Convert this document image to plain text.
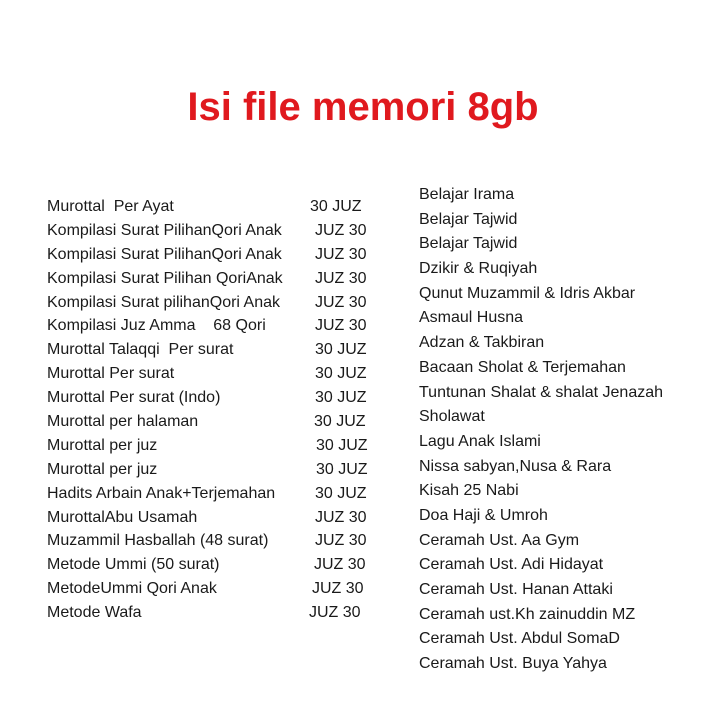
Isi file memori 8gb
Murottal  Per Ayat	30 JUZ
Kompilasi Surat PilihanQori Anak JUZ 30
Kompilasi Surat PilihanQori Anak JUZ 30
Kompilasi Surat Pilihan QoriAnak JUZ 30
Kompilasi Surat pilihanQori Anak JUZ 30
Kompilasi Juz Amma    68 Qori	JUZ 30
Murottal Talaqqi  Per surat	30 JUZ
Murottal Per surat	30 JUZ
Murottal Per surat (Indo)	30 JUZ
Murottal per halaman	30 JUZ
Murottal per juz	30 JUZ
Murottal per juz	30 JUZ
Hadits Arbain Anak+Terjemahan 30 JUZ
MurottalAbu Usamah	JUZ 30
Muzammil Hasballah (48 surat)	JUZ 30
Metode Ummi (50 surat)	JUZ 30
MetodeUmmi Qori Anak	JUZ 30
Metode Wafa	JUZ 30
Belajar Irama
Belajar Tajwid
Belajar Tajwid
Dzikir & Ruqiyah
Qunut Muzammil & Idris Akbar
Asmaul Husna
Adzan & Takbiran
Bacaan Sholat & Terjemahan
Tuntunan Shalat & shalat Jenazah
Sholawat
Lagu Anak Islami
Nissa sabyan,Nusa & Rara
Kisah 25 Nabi
Doa Haji & Umroh
Ceramah Ust. Aa Gym
Ceramah Ust. Adi Hidayat
Ceramah Ust. Hanan Attaki
Ceramah ust.Kh zainuddin MZ
Ceramah Ust. Abdul SomaD
Ceramah Ust. Buya Yahya
